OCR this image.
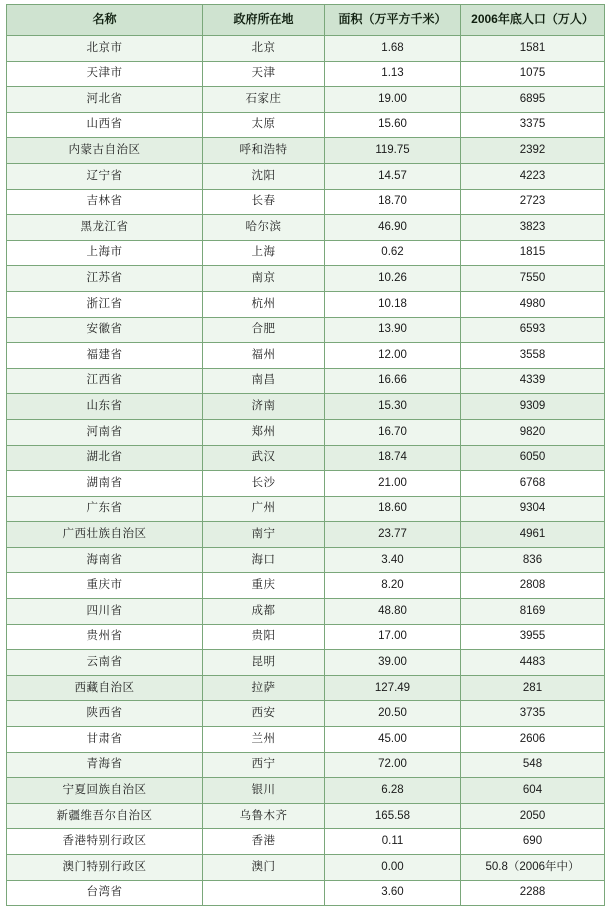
名称	政府所在地	面积（万平方千米）	2006年底人口（万人）
北京市	北京	1.68	1581
天津市	天津	1.13	1075
河北省	石家庄	19.00	6895
山西省	太原	15.60	3375
内蒙古自治区	呼和浩特	119.75	2392
辽宁省	沈阳	14.57	4223
吉林省	长春	18.70	2723
黑龙江省	哈尔滨	46.90	3823
上海市	上海	0.62	1815
江苏省	南京	10.26	7550
浙江省	杭州	10.18	4980
安徽省	合肥	13.90	6593
福建省	福州	12.00	3558
江西省	南昌	16.66	4339
山东省	济南	15.30	9309
河南省	郑州	16.70	9820
湖北省	武汉	18.74	6050
湖南省	长沙	21.00	6768
广东省	广州	18.60	9304
广西壮族自治区	南宁	23.77	4961
海南省	海口	3.40	836
重庆市	重庆	8.20	2808
四川省	成都	48.80	8169
贵州省	贵阳	17.00	3955
云南省	昆明	39.00	4483
西藏自治区	拉萨	127.49	281
陕西省	西安	20.50	3735
甘肃省	兰州	45.00	2606
青海省	西宁	72.00	548
宁夏回族自治区	银川	6.28	604
新疆维吾尔自治区	乌鲁木齐	165.58	2050
香港特别行政区	香港	0.11	690
澳门特别行政区	澳门	0.00	50.8（2006年中）
台湾省		3.60	2288
